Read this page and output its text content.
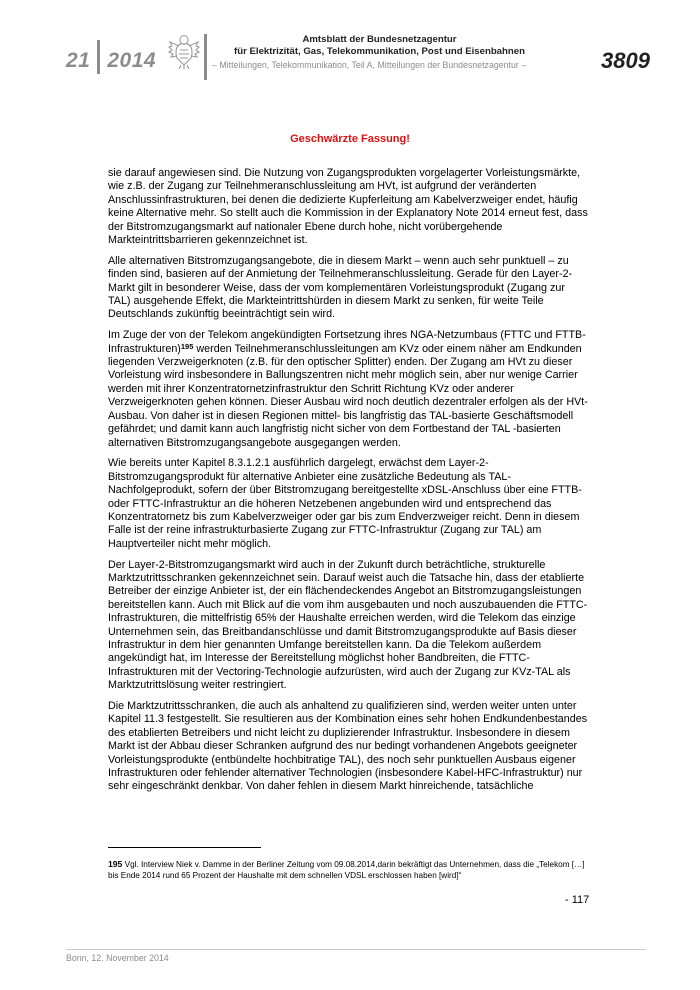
21 2014
Amtsblatt der Bundesnetzagentur
für Elektrizität, Gas, Telekommunikation, Post und Eisenbahnen
– Mitteilungen, Telekommunikation, Teil A, Mitteilungen der Bundesnetzagentur –	3809
Geschwärzte Fassung!

sie darauf angewiesen sind. Die Nutzung von Zugangsprodukten vorgelagerter Vorleistungsmärkte, wie z.B. der Zugang zur Teilnehmeranschlussleitung am HVt, ist aufgrund der veränderten Anschlussinfrastrukturen, bei denen die dedizierte Kupferleitung am Kabelverzweiger endet, häufig keine Alternative mehr. So stellt auch die Kommission in der Explanatory Note 2014 erneut fest, dass der Bitstromzugangsmarkt auf nationaler Ebene durch hohe, nicht vorübergehende Markteintrittsbarrieren gekennzeichnet ist.

Alle alternativen Bitstromzugangsangebote, die in diesem Markt – wenn auch sehr punktuell – zu finden sind, basieren auf der Anmietung der Teilnehmeranschlussleitung. Gerade für den Layer-2-Markt gilt in besonderer Weise, dass der vom komplementären Vorleistungsprodukt (Zugang zur TAL) ausgehende Effekt, die Markteintrittshürden in diesem Markt zu senken, für weite Teile Deutschlands zukünftig beeinträchtigt sein wird.

Im Zuge der von der Telekom angekündigten Fortsetzung ihres NGA-Netzumbaus (FTTC und FTTB-Infrastrukturen)$^{195}$ werden Teilnehmeranschlussleitungen am KVz oder einem näher am Endkunden liegenden Verzweigerknoten (z.B. für den optischer Splitter) enden. Der Zugang am HVt zu dieser Vorleistung wird insbesondere in Ballungszentren nicht mehr möglich sein, aber nur wenige Carrier werden mit ihrer Konzentratornetzinfrastruktur den Schritt Richtung KVz oder anderer Verzweigerknoten gehen können. Dieser Ausbau wird noch deutlich dezentraler erfolgen als der HVt-Ausbau. Von daher ist in diesen Regionen mittel- bis langfristig das TAL-basierte Geschäftsmodell gefährdet; und damit kann auch langfristig nicht sicher von dem Fortbestand der TAL -basierten alternativen Bitstromzugangsangebote ausgegangen werden.

Wie bereits unter Kapitel 8.3.1.2.1 ausführlich dargelegt, erwächst dem Layer-2-Bitstromzugangsprodukt für alternative Anbieter eine zusätzliche Bedeutung als TAL-Nachfolgeprodukt, sofern der über Bitstromzugang bereitgestellte xDSL-Anschluss über eine FTTB- oder FTTC-Infrastruktur an die höheren Netzebenen angebunden wird und entsprechend das Konzentratornetz bis zum Kabelverzweiger oder gar bis zum Endverzweiger reicht. Denn in diesem Falle ist der reine infrastrukturbasierte Zugang zur FTTC-Infrastruktur (Zugang zur TAL) am Hauptverteiler nicht mehr möglich.

Der Layer-2-Bitstromzugangsmarkt wird auch in der Zukunft durch beträchtliche, strukturelle Marktzutrittsschranken gekennzeichnet sein. Darauf weist auch die Tatsache hin, dass der etablierte Betreiber der einzige Anbieter ist, der ein flächendeckendes Angebot an Bitstromzugangsleistungen bereitstellen kann. Auch mit Blick auf die vom ihm ausgebauten und noch auszubauenden die FTTC-Infrastrukturen, die mittelfristig 65% der Haushalte erreichen werden, wird die Telekom das einzige Unternehmen sein, das Breitbandanschlüsse und damit Bitstromzugangsprodukte auf Basis dieser Infrastruktur in dem hier genannten Umfange bereitstellen kann. Da die Telekom außerdem angekündigt hat, im Interesse der Bereitstellung möglichst hoher Bandbreiten, die FTTC-Infrastrukturen mit der Vectoring-Technologie aufzurüsten, wird auch der Zugang zur KVz-TAL als Marktzutrittslösung weiter restringiert.

Die Marktzutrittsschranken, die auch als anhaltend zu qualifizieren sind, werden weiter unten unter Kapitel 11.3 festgestellt. Sie resultieren aus der Kombination eines sehr hohen Endkundenbestandes des etablierten Betreibers und nicht leicht zu duplizierender Infrastruktur. Insbesondere in diesem Markt ist der Abbau dieser Schranken aufgrund des nur bedingt vorhandenen Angebots geeigneter Vorleistungsprodukte (entbündelte hochbitratige TAL), des noch sehr punktuellen Ausbaus eigener Infrastrukturen oder fehlender alternativer Technologien (insbesondere Kabel-HFC-Infrastruktur) nur sehr eingeschränkt denkbar. Von daher fehlen in diesem Markt hinreichende, tatsächliche

195 Vgl. Interview Niek v. Damme in der Berliner Zeitung vom 09.08.2014,darin bekräftigt das Unternehmen, dass die „Telekom […] bis Ende 2014 rund 65 Prozent der Haushalte mit dem schnellen VDSL erschlossen haben [wird]“
- 117
Bonn, 12. November 2014
